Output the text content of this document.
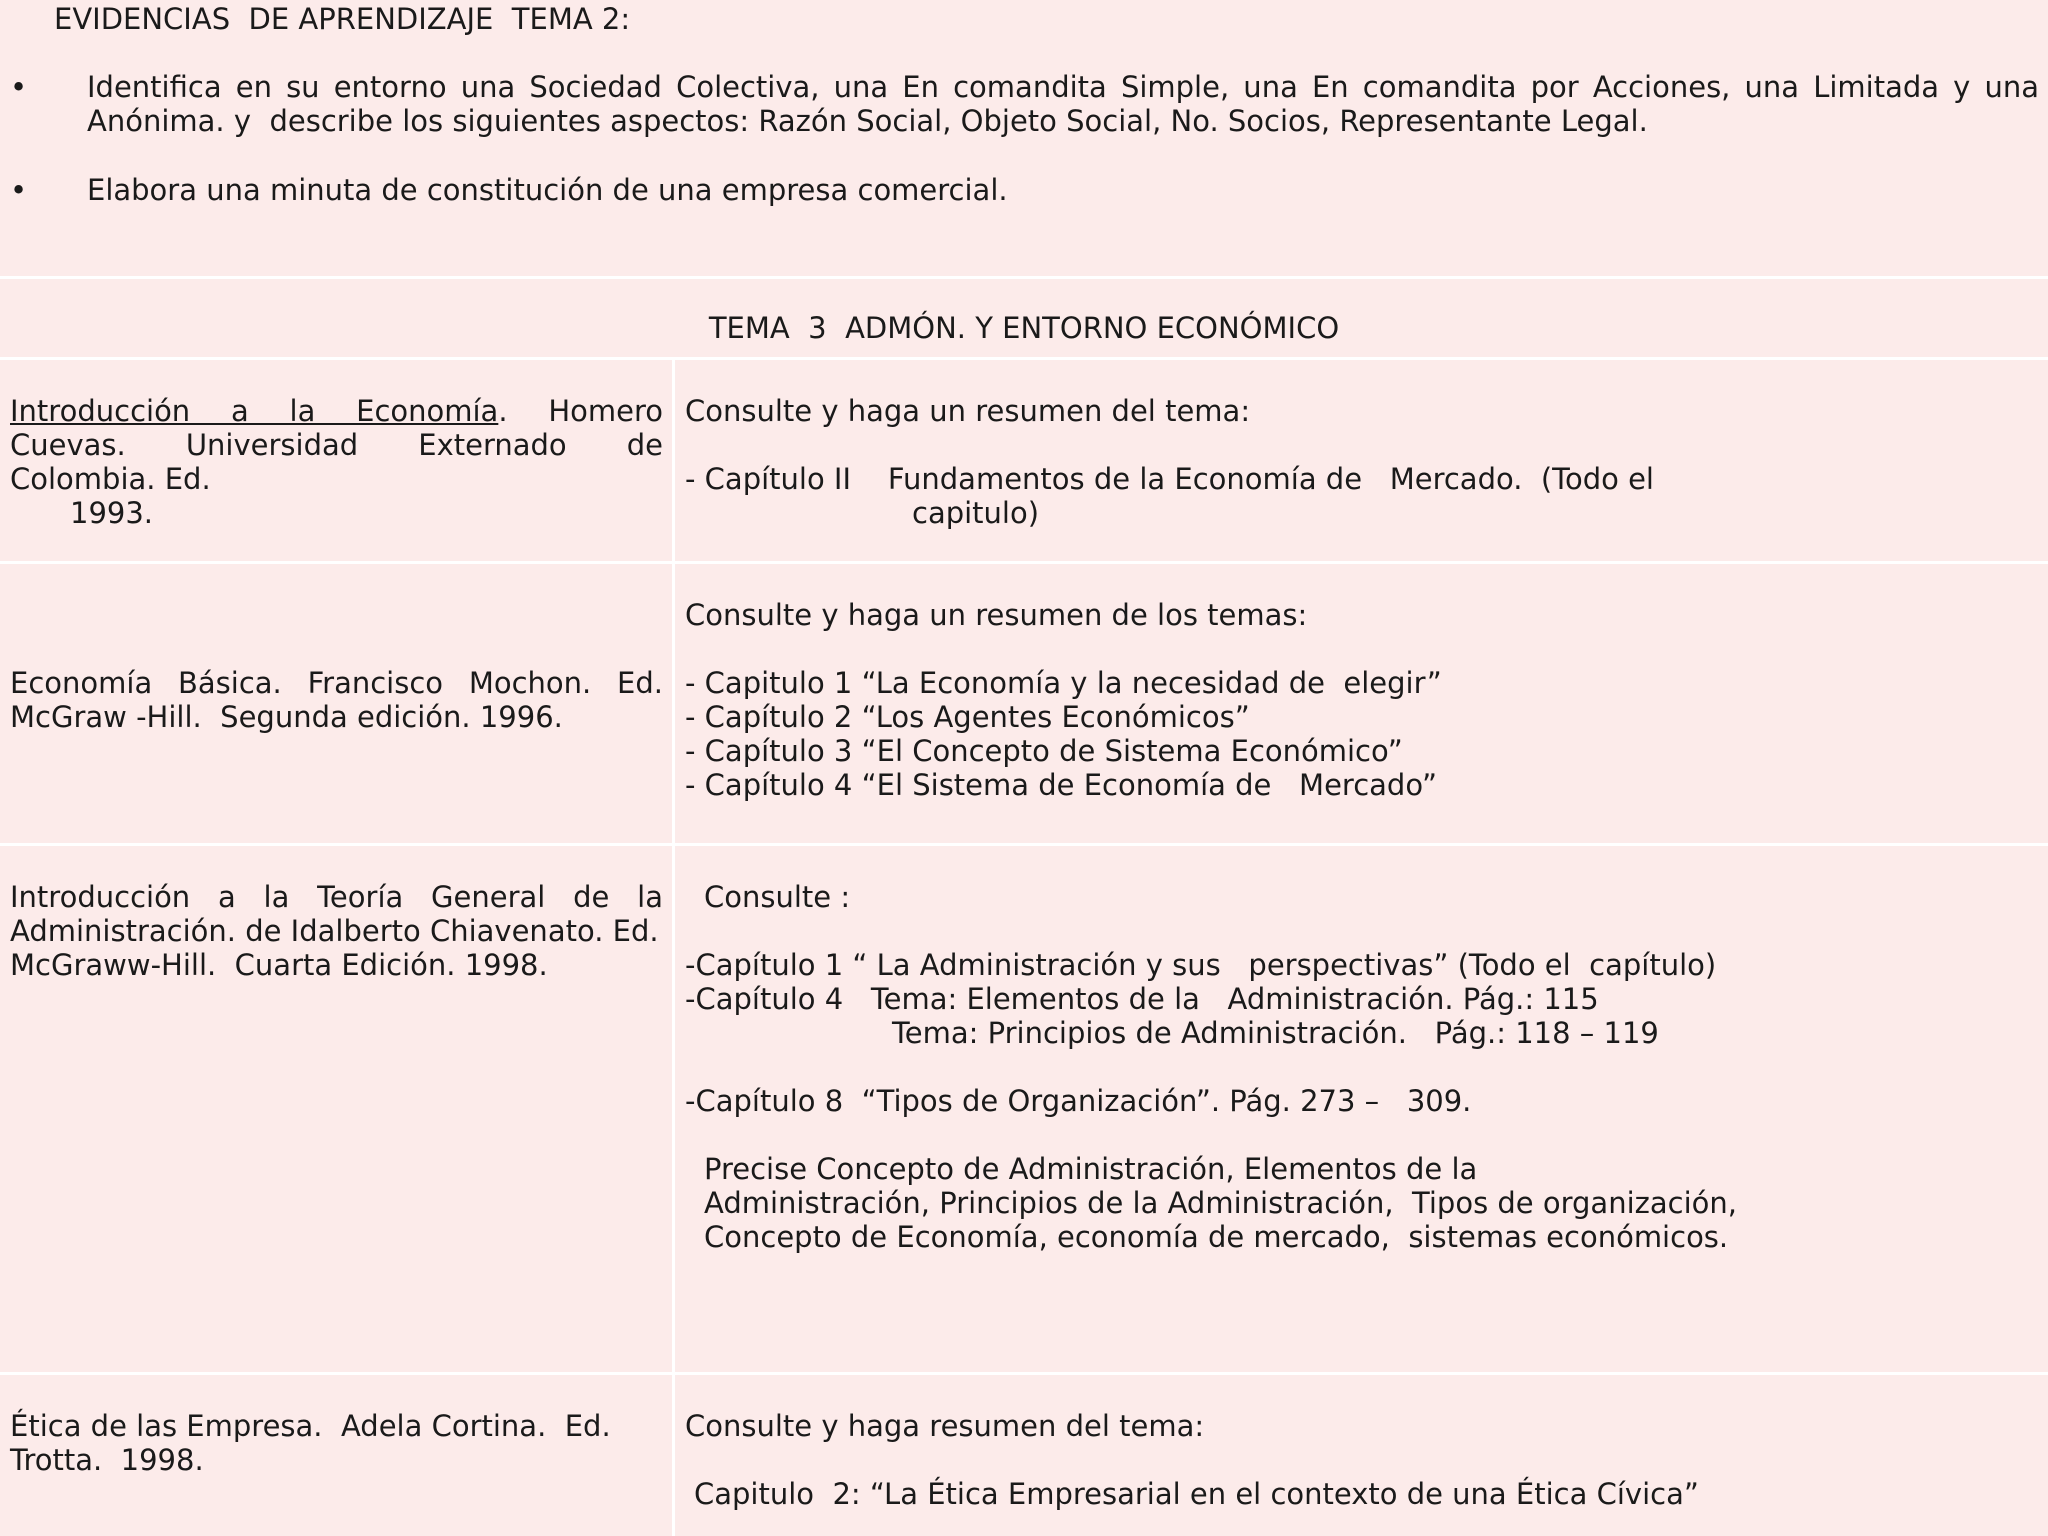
EVIDENCIAS  DE APRENDIZAJE  TEMA 2:

• Identifica en su entorno una Sociedad Colectiva, una En comandita Simple, una En comandita por Acciones, una Limitada y una

Anónima. y  describe los siguientes aspectos: Razón Social, Objeto Social, No. Socios, Representante Legal.

• Elabora una minuta de constitución de una empresa comercial.

TEMA  3  ADMÓN. Y ENTORNO ECONÓMICO

Introducción a la Economía. Homero

Cuevas. Universidad Externado de

Colombia. Ed.

1993.

Consulte y haga un resumen del tema:

- Capítulo II    Fundamentos de la Economía de   Mercado.  (Todo el

capitulo)

Economía Básica. Francisco Mochon. Ed.

McGraw -Hill.  Segunda edición. 1996.

Consulte y haga un resumen de los temas:

- Capitulo 1 “La Economía y la necesidad de  elegir”

- Capítulo 2 “Los Agentes Económicos”

- Capítulo 3 “El Concepto de Sistema Económico”

- Capítulo 4 “El Sistema de Economía de   Mercado”

Introducción a la Teoría General de la

Administración. de Idalberto Chiavenato. Ed.

McGraww-Hill.  Cuarta Edición. 1998.

Consulte :

-Capítulo 1 “ La Administración y sus   perspectivas” (Todo el  capítulo)

-Capítulo 4   Tema: Elementos de la   Administración. Pág.: 115

Tema: Principios de Administración.   Pág.: 118 – 119

-Capítulo 8  “Tipos de Organización”. Pág. 273 –   309.

Precise Concepto de Administración, Elementos de la

Administración, Principios de la Administración,  Tipos de organización,

Concepto de Economía, economía de mercado,  sistemas económicos.

Ética de las Empresa.  Adela Cortina.  Ed.

Trotta.  1998.

Consulte y haga resumen del tema:

Capitulo  2: “La Ética Empresarial en el contexto de una Ética Cívica”
